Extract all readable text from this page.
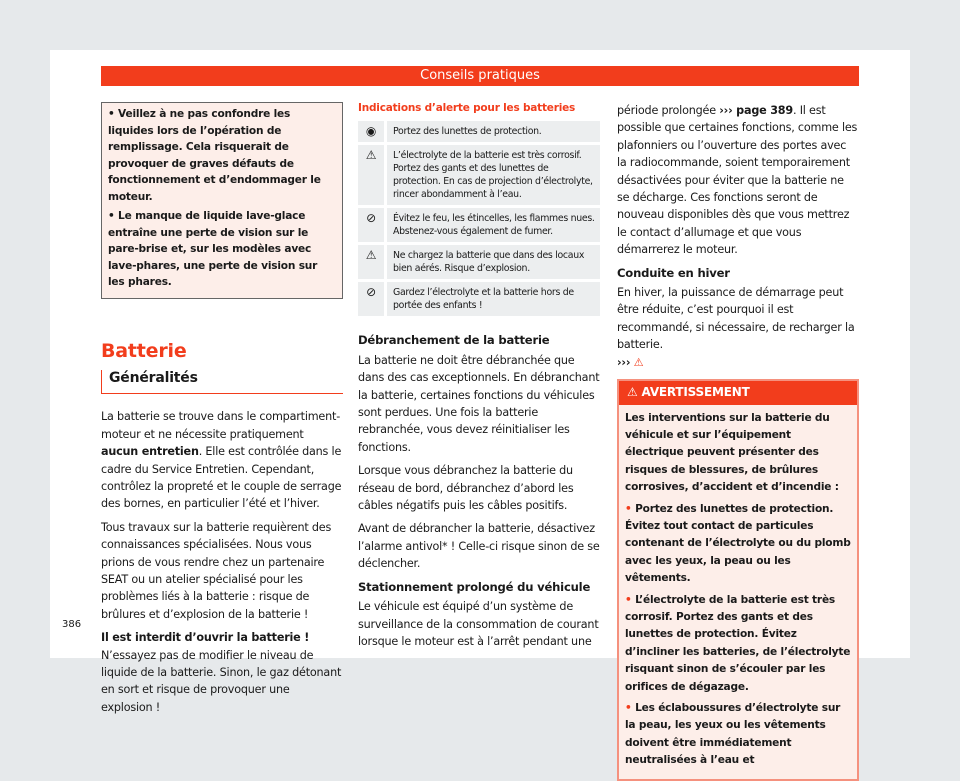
Conseils pratiques

• Veillez à ne pas confondre les liquides lors de l’opération de remplissage. Cela risquerait de provoquer de graves défauts de fonctionnement et d’endommager le moteur.

• Le manque de liquide lave-glace entraîne une perte de vision sur le pare-brise et, sur les modèles avec lave-phares, une perte de vision sur les phares.

Batterie
Généralités

La batterie se trouve dans le compartiment-moteur et ne nécessite pratiquement aucun entretien. Elle est contrôlée dans le cadre du Service Entretien. Cependant, contrôlez la propreté et le couple de serrage des bornes, en particulier l’été et l’hiver.

Tous travaux sur la batterie requièrent des connaissances spécialisées. Nous vous prions de vous rendre chez un partenaire SEAT ou un atelier spécialisé pour les problèmes liés à la batterie : risque de brûlures et d’explosion de la batterie !

Il est interdit d’ouvrir la batterie ! N’essayez pas de modifier le niveau de liquide de la batterie. Sinon, le gaz détonant en sort et risque de provoquer une explosion !

Indications d’alerte pour les batteries
◉	Portez des lunettes de protection.
⚠	L’électrolyte de la batterie est très corrosif. Portez des gants et des lunettes de protection. En cas de projection d’électrolyte, rincer abondamment à l’eau.
⊘	Évitez le feu, les étincelles, les flammes nues. Abstenez-vous également de fumer.
⚠	Ne chargez la batterie que dans des locaux bien aérés. Risque d’explosion.
⊘	Gardez l’électrolyte et la batterie hors de portée des enfants !
Débranchement de la batterie

La batterie ne doit être débranchée que dans des cas exceptionnels. En débranchant la batterie, certaines fonctions du véhicules sont perdues. Une fois la batterie rebranchée, vous devez réinitialiser les fonctions.

Lorsque vous débranchez la batterie du réseau de bord, débranchez d’abord les câbles négatifs puis les câbles positifs.

Avant de débrancher la batterie, désactivez l’alarme antivol* ! Celle-ci risque sinon de se déclencher.

Stationnement prolongé du véhicule

Le véhicule est équipé d’un système de surveillance de la consommation de courant lorsque le moteur est à l’arrêt pendant une

période prolongée ››› page 389. Il est possible que certaines fonctions, comme les plafonniers ou l’ouverture des portes avec la radiocommande, soient temporairement désactivées pour éviter que la batterie ne se décharge. Ces fonctions seront de nouveau disponibles dès que vous mettrez le contact d’allumage et que vous démarrerez le moteur.

Conduite en hiver

En hiver, la puissance de démarrage peut être réduite, c’est pourquoi il est recommandé, si nécessaire, de recharger la batterie.
››› ⚠

⚠ AVERTISSEMENT

Les interventions sur la batterie du véhicule et sur l’équipement électrique peuvent présenter des risques de blessures, de brûlures corrosives, d’accident et d’incendie :

• Portez des lunettes de protection. Évitez tout contact de particules contenant de l’électrolyte ou du plomb avec les yeux, la peau ou les vêtements.

• L’électrolyte de la batterie est très corrosif. Portez des gants et des lunettes de protection. Évitez d’incliner les batteries, de l’électrolyte risquant sinon de s’écouler par les orifices de dégazage.

• Les éclaboussures d’électrolyte sur la peau, les yeux ou les vêtements doivent être immédiatement neutralisées à l’eau et

386
